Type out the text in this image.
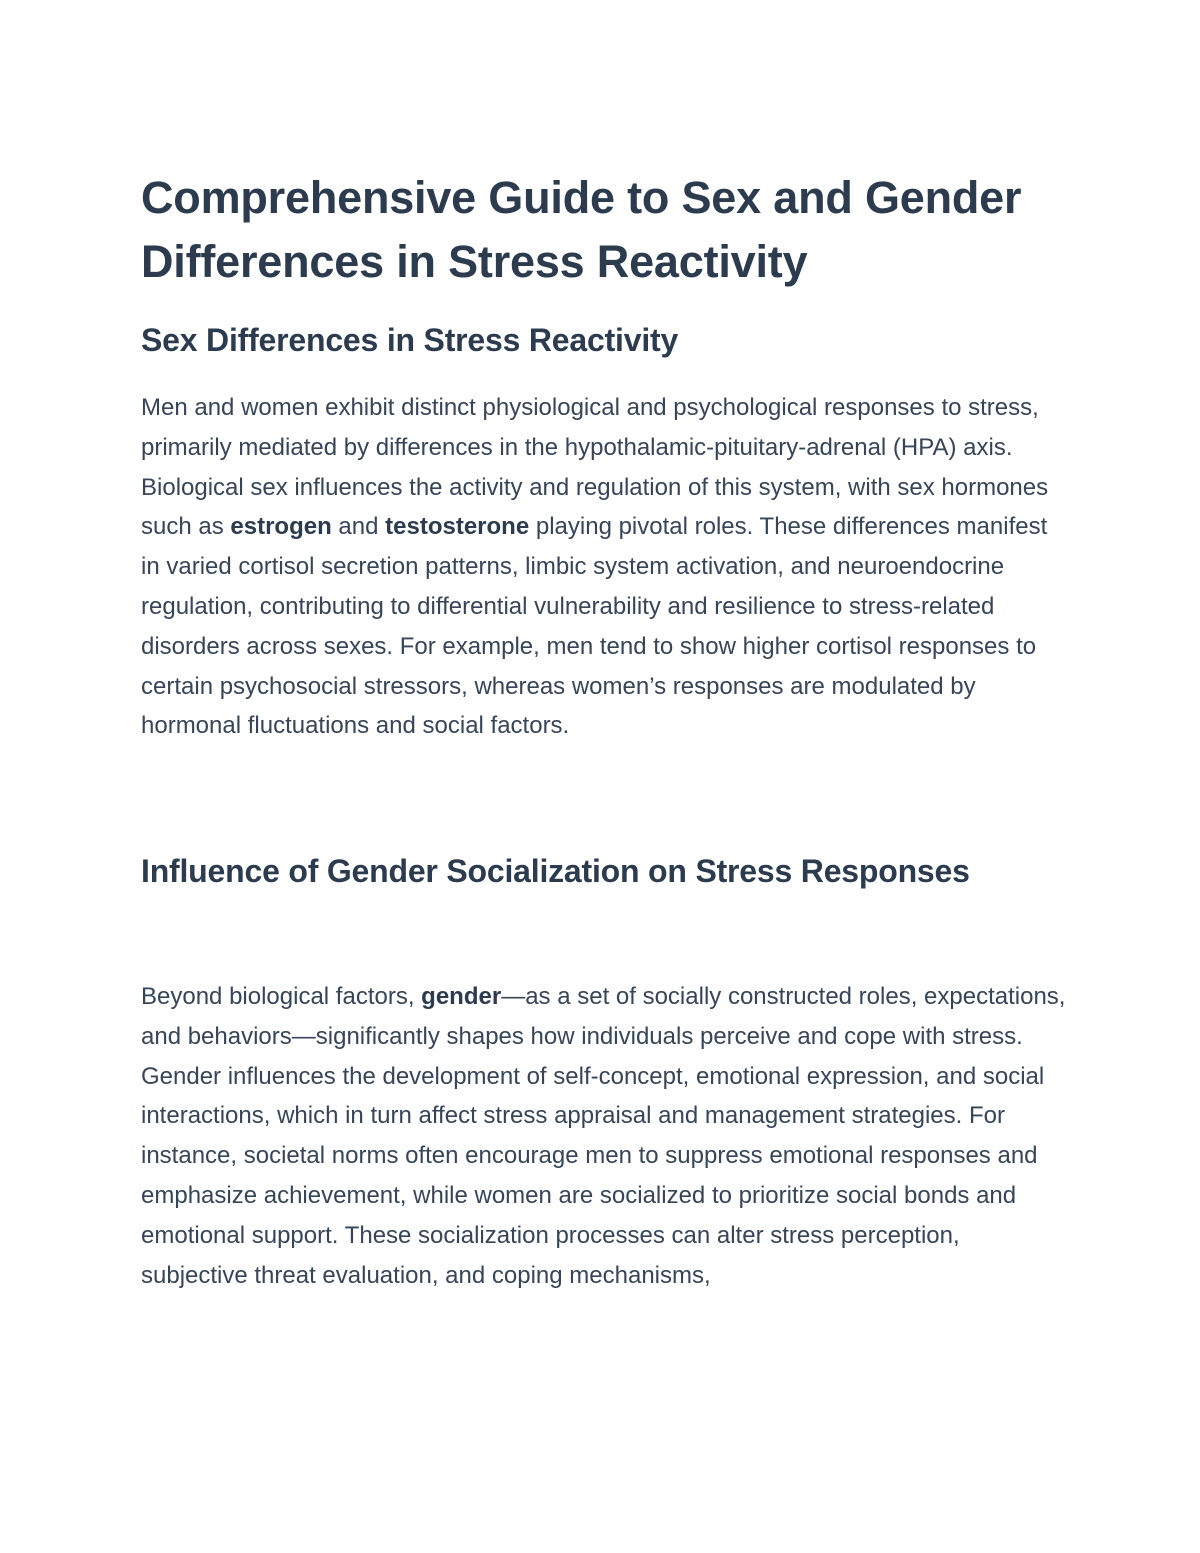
Comprehensive Guide to Sex and Gender Differences in Stress Reactivity
Sex Differences in Stress Reactivity

Men and women exhibit distinct physiological and psychological responses to stress, primarily mediated by differences in the hypothalamic-pituitary-adrenal (HPA) axis. Biological sex influences the activity and regulation of this system, with sex hormones such as estrogen and testosterone playing pivotal roles. These differences manifest in varied cortisol secretion patterns, limbic system activation, and neuroendocrine regulation, contributing to differential vulnerability and resilience to stress-related disorders across sexes. For example, men tend to show higher cortisol responses to certain psychosocial stressors, whereas women’s responses are modulated by hormonal fluctuations and social factors.

Influence of Gender Socialization on Stress Responses

Beyond biological factors, gender—as a set of socially constructed roles, expectations, and behaviors—significantly shapes how individuals perceive and cope with stress. Gender influences the development of self-concept, emotional expression, and social interactions, which in turn affect stress appraisal and management strategies. For instance, societal norms often encourage men to suppress emotional responses and emphasize achievement, while women are socialized to prioritize social bonds and emotional support. These socialization processes can alter stress perception, subjective threat evaluation, and coping mechanisms,
